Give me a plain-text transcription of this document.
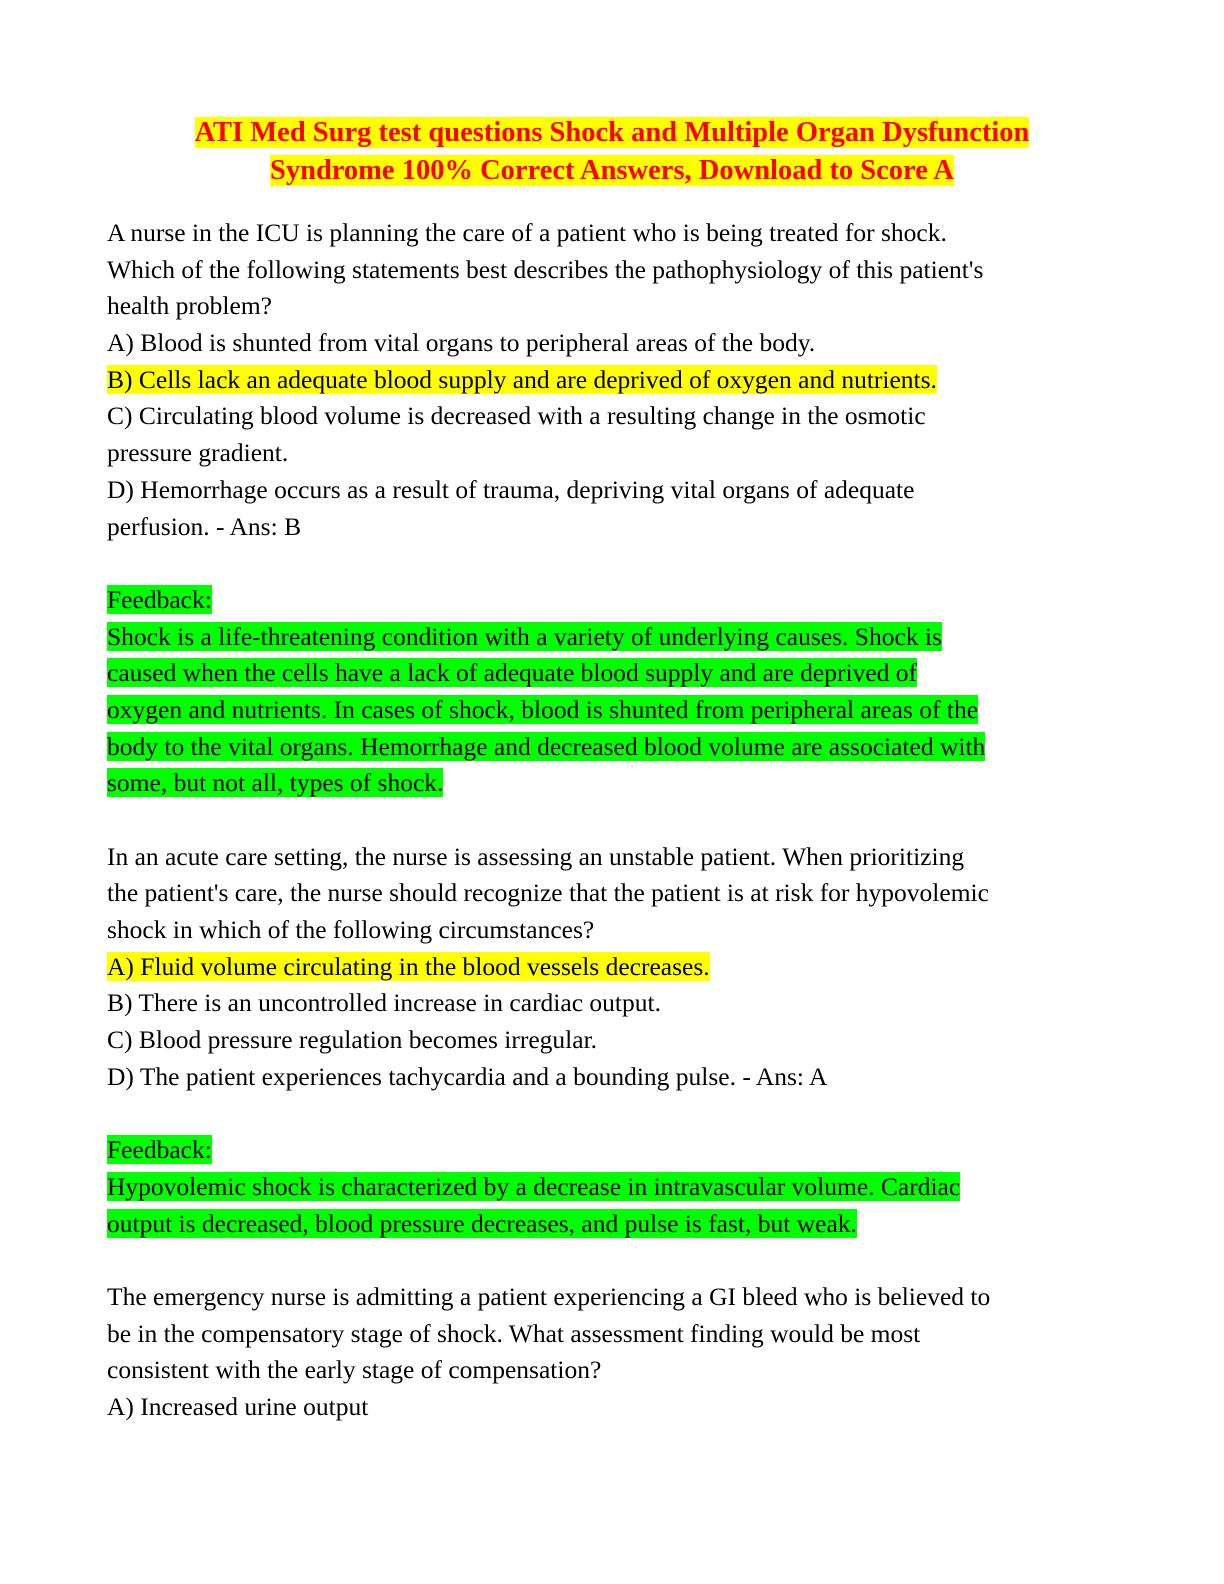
ATI Med Surg test questions Shock and Multiple Organ Dysfunction
Syndrome 100% Correct Answers, Download to Score A
A nurse in the ICU is planning the care of a patient who is being treated for shock.
Which of the following statements best describes the pathophysiology of this patient's
health problem?
A) Blood is shunted from vital organs to peripheral areas of the body.
B) Cells lack an adequate blood supply and are deprived of oxygen and nutrients.
C) Circulating blood volume is decreased with a resulting change in the osmotic
pressure gradient.
D) Hemorrhage occurs as a result of trauma, depriving vital organs of adequate
perfusion. - Ans: B
Feedback:
Shock is a life-threatening condition with a variety of underlying causes. Shock is
caused when the cells have a lack of adequate blood supply and are deprived of
oxygen and nutrients. In cases of shock, blood is shunted from peripheral areas of the
body to the vital organs. Hemorrhage and decreased blood volume are associated with
some, but not all, types of shock.
In an acute care setting, the nurse is assessing an unstable patient. When prioritizing
the patient's care, the nurse should recognize that the patient is at risk for hypovolemic
shock in which of the following circumstances?
A) Fluid volume circulating in the blood vessels decreases.
B) There is an uncontrolled increase in cardiac output.
C) Blood pressure regulation becomes irregular.
D) The patient experiences tachycardia and a bounding pulse. - Ans: A
Feedback:
Hypovolemic shock is characterized by a decrease in intravascular volume. Cardiac
output is decreased, blood pressure decreases, and pulse is fast, but weak.
The emergency nurse is admitting a patient experiencing a GI bleed who is believed to
be in the compensatory stage of shock. What assessment finding would be most
consistent with the early stage of compensation?
A) Increased urine output
